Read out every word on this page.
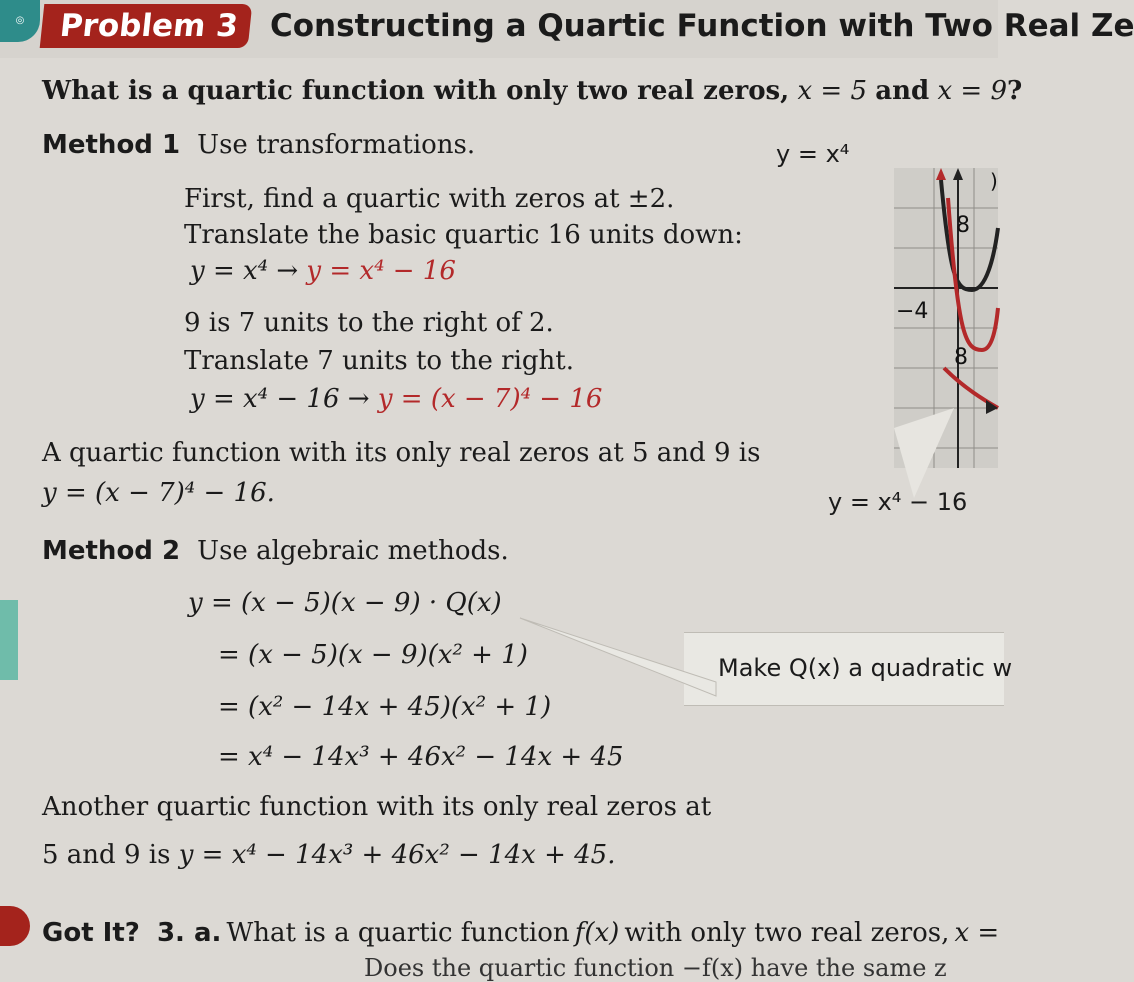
◎	Problem 3 Constructing a Quartic Function with Two Real Ze
What is a quartic function with only two real zeros, x = 5 and x = 9?
Method 1 Use transformations.
First, find a quartic with zeros at ±2.
Translate the basic quartic 16 units down:
y = x⁴ → y = x⁴ − 16
9 is 7 units to the right of 2.
Translate 7 units to the right.
y = x⁴ − 16 → y = (x − 7)⁴ − 16
A quartic function with its only real zeros at 5 and 9 is
y = (x − 7)⁴ − 16.
y = x⁴
8
−4
8
)
y = x⁴ − 16
Method 2 Use algebraic methods.
y = (x − 5)(x − 9) · Q(x)
= (x − 5)(x − 9)(x² + 1)
= (x² − 14x + 45)(x² + 1)
= x⁴ − 14x³ + 46x² − 14x + 45
Make Q(x) a quadratic w
Another quartic function with its only real zeros at
5 and 9 is y = x⁴ − 14x³ + 46x² − 14x + 45.
Got It? 3. a. What is a quartic function f(x) with only two real zeros, x =
Does the quartic function −f(x) have the same z
